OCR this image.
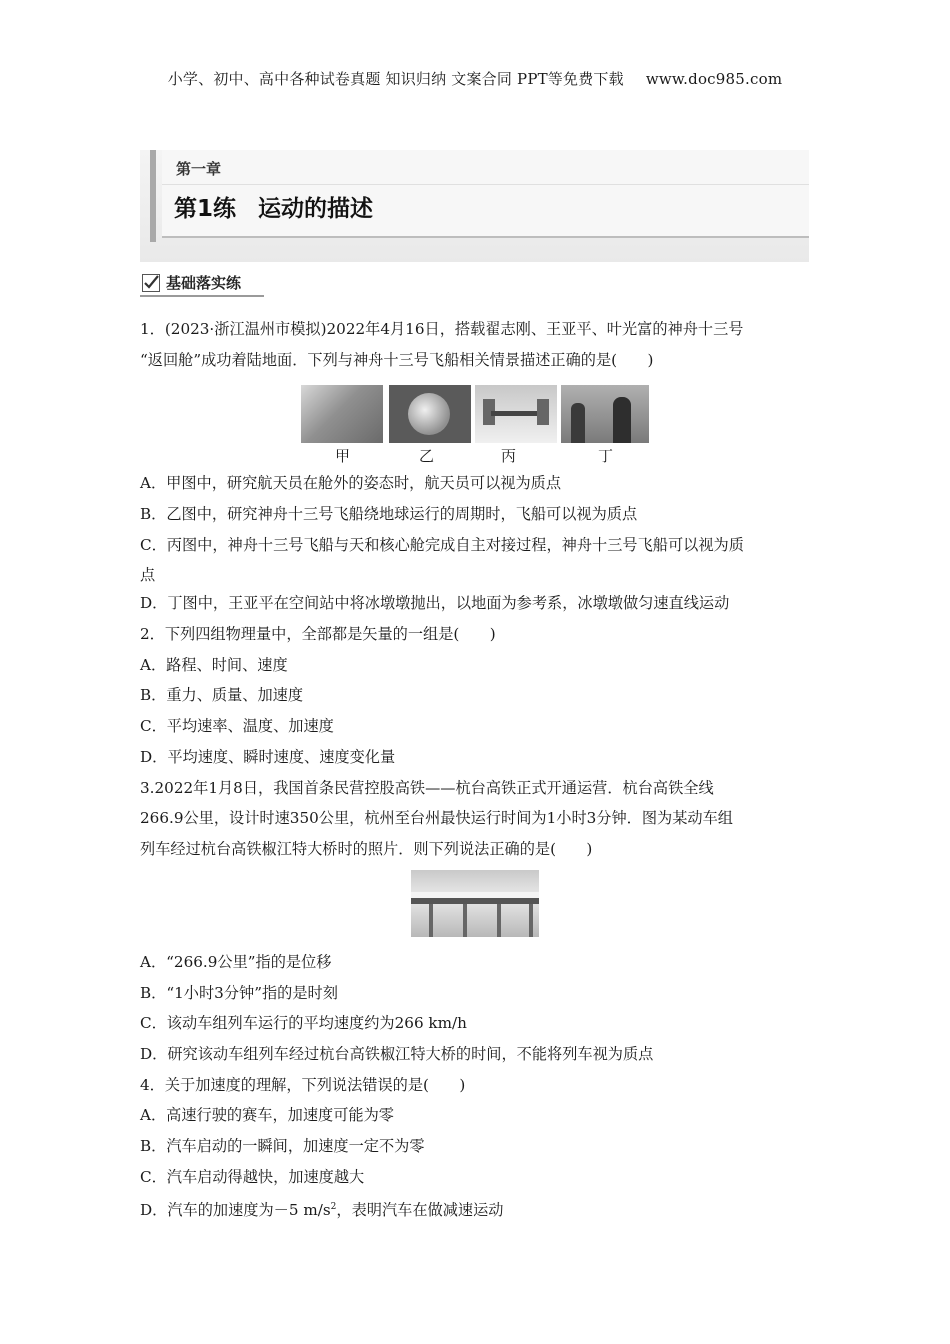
小学、初中、高中各种试卷真题 知识归纳 文案合同 PPT等免费下载 www.doc985.com
第一章
第1练 运动的描述
基础落实练
1．(2023·浙江温州市模拟)2022年4月16日，搭载翟志刚、王亚平、叶光富的神舟十三号
“返回舱”成功着陆地面．下列与神舟十三号飞船相关情景描述正确的是(　　)
甲	乙	丙	丁
A．甲图中，研究航天员在舱外的姿态时，航天员可以视为质点
B．乙图中，研究神舟十三号飞船绕地球运行的周期时，飞船可以视为质点
C．丙图中，神舟十三号飞船与天和核心舱完成自主对接过程，神舟十三号飞船可以视为质
点
D．丁图中，王亚平在空间站中将冰墩墩抛出，以地面为参考系，冰墩墩做匀速直线运动
2．下列四组物理量中，全部都是矢量的一组是(　　)
A．路程、时间、速度
B．重力、质量、加速度
C．平均速率、温度、加速度
D．平均速度、瞬时速度、速度变化量
3.2022年1月8日，我国首条民营控股高铁——杭台高铁正式开通运营．杭台高铁全线
266.9公里，设计时速350公里，杭州至台州最快运行时间为1小时3分钟．图为某动车组
列车经过杭台高铁椒江特大桥时的照片．则下列说法正确的是(　　)
A．“266.9公里”指的是位移
B．“1小时3分钟”指的是时刻
C．该动车组列车运行的平均速度约为266 km/h
D．研究该动车组列车经过杭台高铁椒江特大桥的时间，不能将列车视为质点
4．关于加速度的理解，下列说法错误的是(　　)
A．高速行驶的赛车，加速度可能为零
B．汽车启动的一瞬间，加速度一定不为零
C．汽车启动得越快，加速度越大
D．汽车的加速度为－5 $m/s^2$，表明汽车在做减速运动
